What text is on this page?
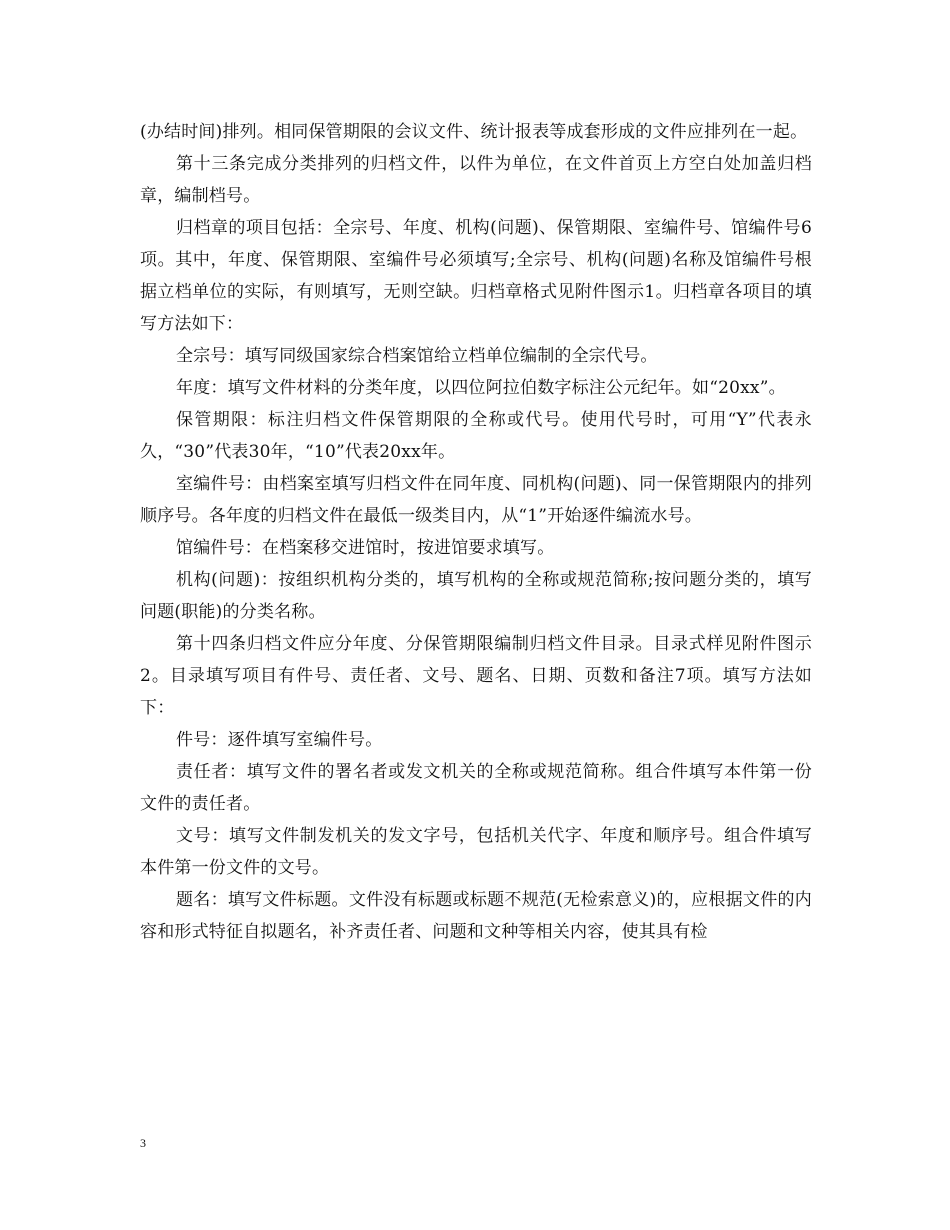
(办结时间)排列。相同保管期限的会议文件、统计报表等成套形成的文件应排列在一起。

第十三条完成分类排列的归档文件，以件为单位，在文件首页上方空白处加盖归档章，编制档号。

归档章的项目包括：全宗号、年度、机构(问题)、保管期限、室编件号、馆编件号6项。其中，年度、保管期限、室编件号必须填写;全宗号、机构(问题)名称及馆编件号根据立档单位的实际，有则填写，无则空缺。归档章格式见附件图示1。归档章各项目的填写方法如下：

全宗号：填写同级国家综合档案馆给立档单位编制的全宗代号。

年度：填写文件材料的分类年度，以四位阿拉伯数字标注公元纪年。如“20xx”。

保管期限：标注归档文件保管期限的全称或代号。使用代号时，可用“Y”代表永久，“30”代表30年，“10”代表20xx年。

室编件号：由档案室填写归档文件在同年度、同机构(问题)、同一保管期限内的排列顺序号。各年度的归档文件在最低一级类目内，从“1”开始逐件编流水号。

馆编件号：在档案移交进馆时，按进馆要求填写。

机构(问题)：按组织机构分类的，填写机构的全称或规范简称;按问题分类的，填写问题(职能)的分类名称。

第十四条归档文件应分年度、分保管期限编制归档文件目录。目录式样见附件图示2。目录填写项目有件号、责任者、文号、题名、日期、页数和备注7项。填写方法如下：

件号：逐件填写室编件号。

责任者：填写文件的署名者或发文机关的全称或规范简称。组合件填写本件第一份文件的责任者。

文号：填写文件制发机关的发文字号，包括机关代字、年度和顺序号。组合件填写本件第一份文件的文号。

题名：填写文件标题。文件没有标题或标题不规范(无检索意义)的，应根据文件的内容和形式特征自拟题名，补齐责任者、问题和文种等相关内容，使其具有检

3
